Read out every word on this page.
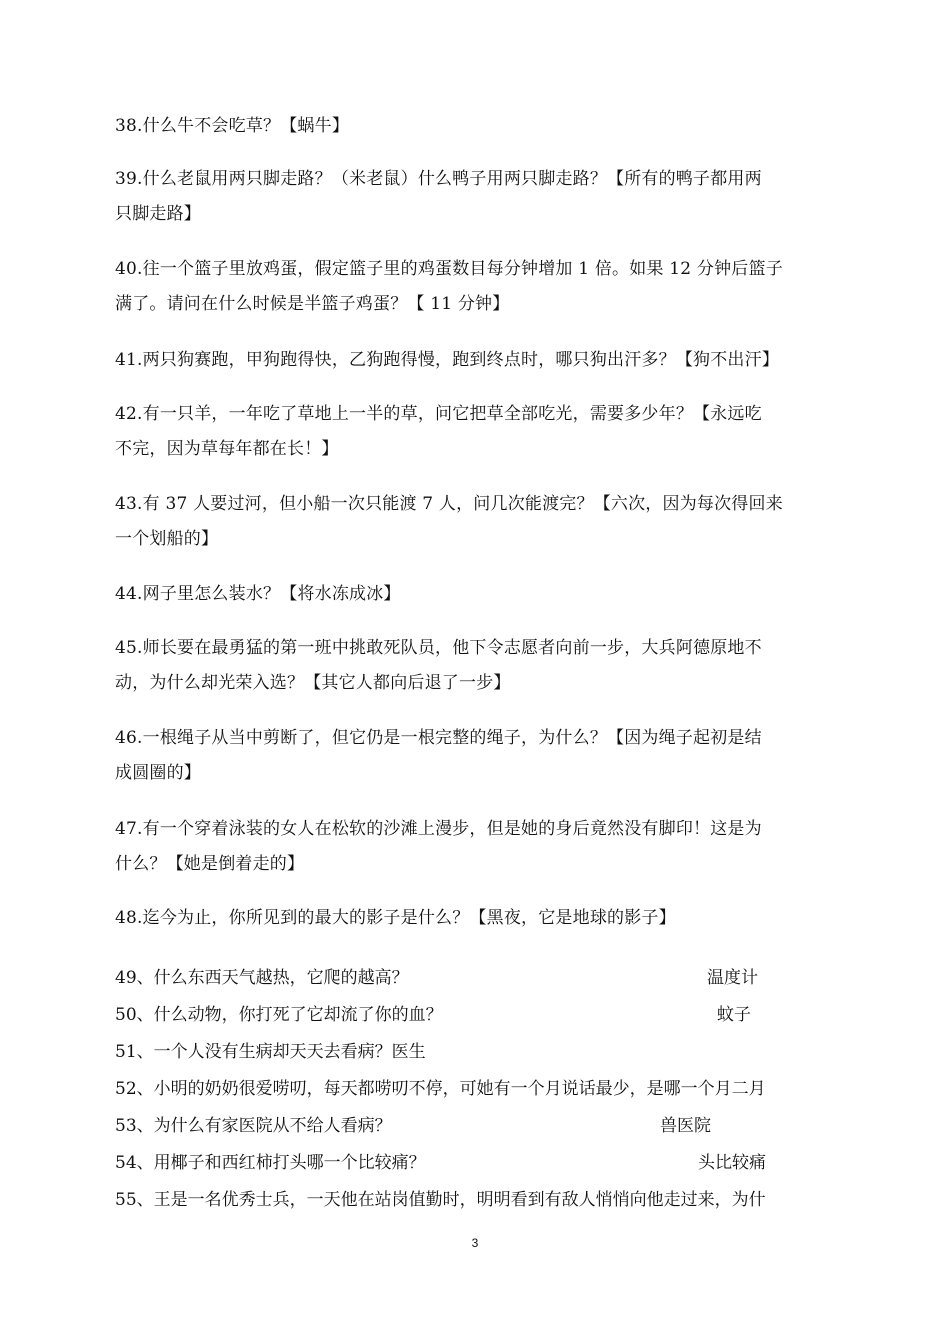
38.什么牛不会吃草？【蜗牛】
39.什么老鼠用两只脚走路？（米老鼠）什么鸭子用两只脚走路？【所有的鸭子都用两
只脚走路】
40.往一个篮子里放鸡蛋，假定篮子里的鸡蛋数目每分钟增加 1 倍。如果 12 分钟后篮子
满了。请问在什么时候是半篮子鸡蛋？【 11 分钟】
41.两只狗赛跑，甲狗跑得快，乙狗跑得慢，跑到终点时，哪只狗出汗多？【狗不出汗】
42.有一只羊，一年吃了草地上一半的草，问它把草全部吃光，需要多少年？【永远吃
不完，因为草每年都在长！】
43.有 37 人要过河，但小船一次只能渡 7 人，问几次能渡完？【六次，因为每次得回来
一个划船的】
44.网子里怎么装水？【将水冻成冰】
45.师长要在最勇猛的第一班中挑敢死队员，他下令志愿者向前一步，大兵阿德原地不
动，为什么却光荣入选？【其它人都向后退了一步】
46.一根绳子从当中剪断了，但它仍是一根完整的绳子，为什么？【因为绳子起初是结
成圆圈的】
47.有一个穿着泳装的女人在松软的沙滩上漫步，但是她的身后竟然没有脚印！这是为
什么？【她是倒着走的】
48.迄今为止，你所见到的最大的影子是什么？【黑夜，它是地球的影子】
49、什么东西天气越热，它爬的越高？	温度计
50、什么动物，你打死了它却流了你的血？	蚊子
51、一个人没有生病却天天去看病？医生
52、小明的奶奶很爱唠叨，每天都唠叨不停，可她有一个月说话最少，是哪一个月二月
53、为什么有家医院从不给人看病？	兽医院
54、用椰子和西红柿打头哪一个比较痛？	头比较痛
55、王是一名优秀士兵，一天他在站岗值勤时，明明看到有敌人悄悄向他走过来，为什
3
